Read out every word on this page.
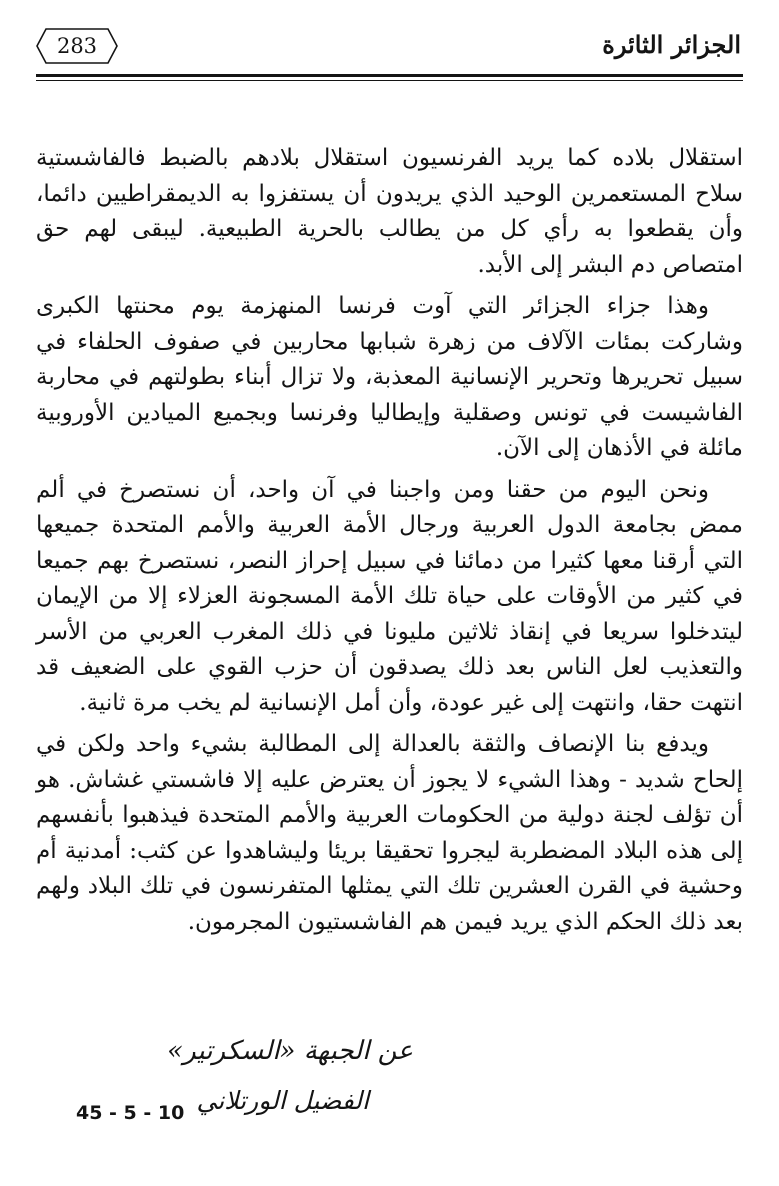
283	الجزائر الثائرة

استقلال بلاده كما يريد الفرنسيون استقلال بلادهم بالضبط فالفاشستية سلاح المستعمرين الوحيد الذي يريدون أن يستفزوا به الديمقراطيين دائما، وأن يقطعوا به رأي كل من يطالب بالحرية الطبيعية. ليبقى لهم حق امتصاص دم البشر إلى الأبد.

وهذا جزاء الجزائر التي آوت فرنسا المنهزمة يوم محنتها الكبرى وشاركت بمئات الآلاف من زهرة شبابها محاربين في صفوف الحلفاء في سبيل تحريرها وتحرير الإنسانية المعذبة، ولا تزال أبناء بطولتهم في محاربة الفاشيست في تونس وصقلية وإيطاليا وفرنسا وبجميع الميادين الأوروبية مائلة في الأذهان إلى الآن.

ونحن اليوم من حقنا ومن واجبنا في آن واحد، أن نستصرخ في ألم ممض بجامعة الدول العربية ورجال الأمة العربية والأمم المتحدة جميعها التي أرقنا معها كثيرا من دمائنا في سبيل إحراز النصر، نستصرخ بهم جميعا في كثير من الأوقات على حياة تلك الأمة المسجونة العزلاء إلا من الإيمان ليتدخلوا سريعا في إنقاذ ثلاثين مليونا في ذلك المغرب العربي من الأسر والتعذيب لعل الناس بعد ذلك يصدقون أن حزب القوي على الضعيف قد انتهت حقا، وانتهت إلى غير عودة، وأن أمل الإنسانية لم يخب مرة ثانية.

ويدفع بنا الإنصاف والثقة بالعدالة إلى المطالبة بشيء واحد ولكن في إلحاح شديد - وهذا الشيء لا يجوز أن يعترض عليه إلا فاشستي غشاش. هو أن تؤلف لجنة دولية من الحكومات العربية والأمم المتحدة فيذهبوا بأنفسهم إلى هذه البلاد المضطربة ليجروا تحقيقا بريئا وليشاهدوا عن كثب: أمدنية أم وحشية في القرن العشرين تلك التي يمثلها المتفرنسون في تلك البلاد ولهم بعد ذلك الحكم الذي يريد فيمن هم الفاشستيون المجرمون.

عن الجبهة «السكرتير»
الفضيل الورتلاني
45 - 5 - 10
